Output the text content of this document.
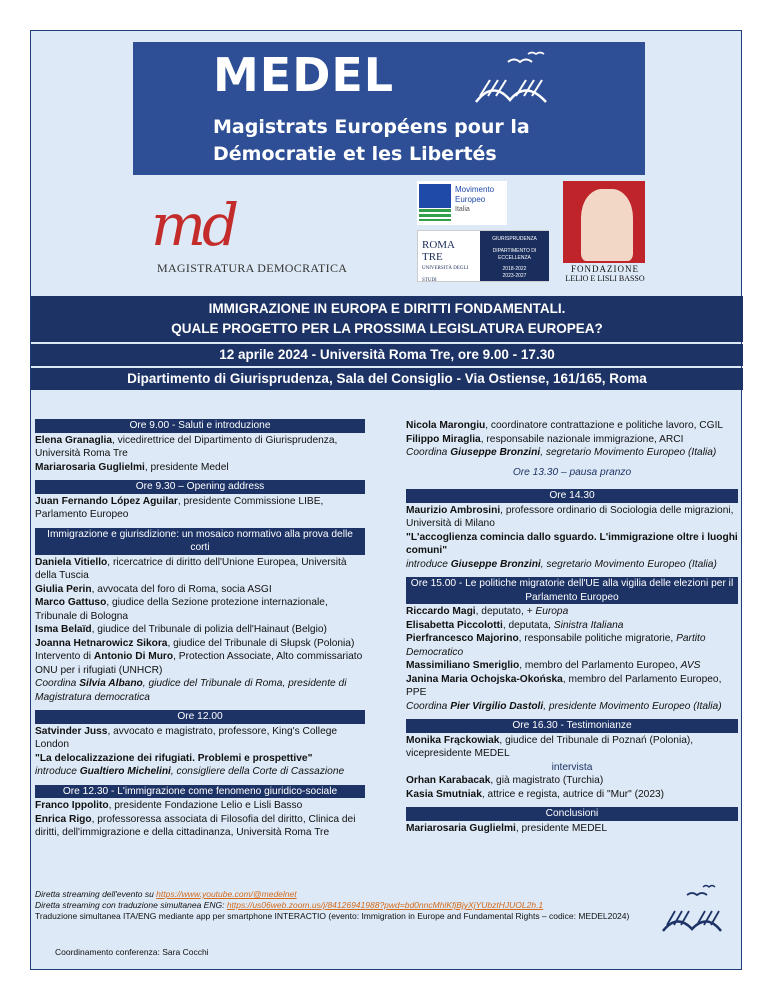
MEDEL
Magistrats Européens pour la
Démocratie et les Libertés
md
MAGISTRATURA DEMOCRATICA
Movimento
Europeo
Italia
ROMA
TRE
UNIVERSITÀ DEGLI STUDI
GIURISPRUDENZA
DIPARTIMENTO DI ECCELLENZA
2018-2022
2023-2027
FONDAZIONE
LELIO E LISLI BASSO
IMMIGRAZIONE IN EUROPA E DIRITTI FONDAMENTALI.
QUALE PROGETTO PER LA PROSSIMA LEGISLATURA EUROPEA?
12 aprile 2024 - Università Roma Tre, ore 9.00 - 17.30
Dipartimento di Giurisprudenza, Sala del Consiglio - Via Ostiense, 161/165, Roma
Ore 9.00 - Saluti e introduzione

Elena Granaglia, vicedirettrice del Dipartimento di Giurisprudenza, Università Roma Tre

Mariarosaria Guglielmi, presidente Medel

Ore 9.30 – Opening address

Juan Fernando López Aguilar, presidente Commissione LIBE, Parlamento Europeo

Immigrazione e giurisdizione: un mosaico normativo alla prova delle corti

Daniela Vitiello, ricercatrice di diritto dell'Unione Europea, Università della Tuscia

Giulia Perin, avvocata del foro di Roma, socia ASGI

Marco Gattuso, giudice della Sezione protezione internazionale, Tribunale di Bologna

Isma Belaïd, giudice del Tribunale di polizia dell'Hainaut (Belgio)

Joanna Hetnarowicz Sikora, giudice del Tribunale di Słupsk (Polonia)

Intervento di Antonio Di Muro, Protection Associate, Alto commissariato ONU per i rifugiati (UNHCR)

Coordina Silvia Albano, giudice del Tribunale di Roma, presidente di Magistratura democratica

Ore 12.00

Satvinder Juss, avvocato e magistrato, professore, King's College London

"La delocalizzazione dei rifugiati. Problemi e prospettive"

introduce Gualtiero Michelini, consigliere della Corte di Cassazione

Ore 12.30 - L'immigrazione come fenomeno giuridico-sociale

Franco Ippolito, presidente Fondazione Lelio e Lisli Basso

Enrica Rigo, professoressa associata di Filosofia del diritto, Clinica dei diritti, dell'immigrazione e della cittadinanza, Università Roma Tre

Nicola Marongiu, coordinatore contrattazione e politiche lavoro, CGIL

Filippo Miraglia, responsabile nazionale immigrazione, ARCI

Coordina Giuseppe Bronzini, segretario Movimento Europeo (Italia)

Ore 13.30 – pausa pranzo

Ore 14.30

Maurizio Ambrosini, professore ordinario di Sociologia delle migrazioni, Università di Milano

"L'accoglienza comincia dallo sguardo. L'immigrazione oltre i luoghi comuni"

introduce Giuseppe Bronzini, segretario Movimento Europeo (Italia)

Ore 15.00 - Le politiche migratorie dell'UE alla vigilia delle elezioni per il Parlamento Europeo

Riccardo Magi, deputato, + Europa

Elisabetta Piccolotti, deputata, Sinistra Italiana

Pierfrancesco Majorino, responsabile politiche migratorie, Partito Democratico

Massimiliano Smeriglio, membro del Parlamento Europeo, AVS

Janina Maria Ochojska-Okońska, membro del Parlamento Europeo, PPE

Coordina Pier Virgilio Dastoli, presidente Movimento Europeo (Italia)

Ore 16.30 - Testimonianze

Monika Frąckowiak, giudice del Tribunale di Poznań (Polonia), vicepresidente MEDEL

intervista

Orhan Karabacak, già magistrato (Turchia)

Kasia Smutniak, attrice e regista, autrice di "Mur" (2023)

Conclusioni

Mariarosaria Guglielmi, presidente MEDEL

Diretta streaming dell'evento su https://www.youtube.com/@medelnet

Diretta streaming con traduzione simultanea ENG: https://us06web.zoom.us/j/84126941988?pwd=bd0nncMhlKfjBjyXjYUbztHJUOL2h.1

Traduzione simultanea ITA/ENG mediante app per smartphone INTERACTIO (evento: Immigration in Europe and Fundamental Rights – codice: MEDEL2024)

Coordinamento conferenza: Sara Cocchi
